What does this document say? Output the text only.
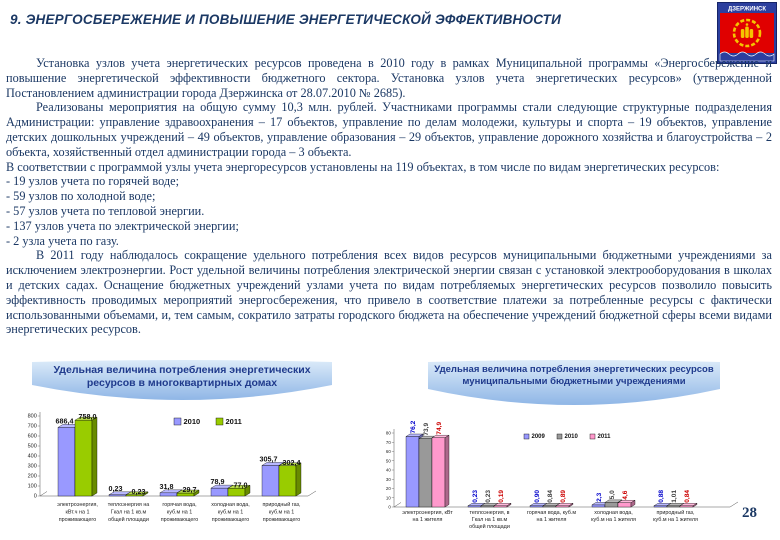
9. ЭНЕРГОСБЕРЕЖЕНИЕ И ПОВЫШЕНИЕ ЭНЕРГЕТИЧЕСКОЙ ЭФФЕКТИВНОСТИ
ДЗЕРЖИНСК

Установка узлов учета энергетических ресурсов проведена в 2010 году в рамках Муниципальной программы «Энергосбережение и повышение энергетической эффективности бюджетного сектора. Установка узлов учета энергетических ресурсов» (утвержденной Постановлением администрации города Дзержинска от 28.07.2010 № 2685).

Реализованы мероприятия на общую сумму 10,3 млн. рублей. Участниками программы стали следующие структурные подразделения Администрации: управление здравоохранения – 17 объектов, управление по делам молодежи, культуры и спорта – 19 объектов, управление детских дошкольных учреждений – 49 объектов, управление образования – 29 объектов, управление дорожного хозяйства и благоустройства – 2 объекта, хозяйственный отдел администрации города – 3 объекта.

В соответствии с программой узлы учета энергоресурсов установлены на 119 объектах, в том числе по видам энергетических ресурсов:

- 19 узлов учета по горячей воде;

- 59 узлов по холодной воде;

- 57 узлов учета по тепловой энергии.

- 137 узлов учета по электрической энергии;

- 2 узла учета по газу.

В 2011 году наблюдалось сокращение удельного потребления всех видов ресурсов муниципальными бюджетными учреждениями за исключением электроэнергии. Рост удельной величины потребления электрической энергии связан с установкой электрооборудования в школах и детских садах. Оснащение бюджетных учреждений узлами учета по видам потребляемых энергетических ресурсов позволило повысить эффективность проводимых мероприятий энергосбережения, что привело в соответствие платежи за потребленные ресурсы с фактически использованными объемами, и, тем самым, сократило затраты городского бюджета на обеспечение учреждений бюджетной сферы всеми видами энергетических ресурсов.

Удельная величина потребления энергетических ресурсов в многоквартирных домах
Удельная величина потребления энергетических ресурсов муниципальными бюджетными учреждениями
0
100
200
300
400
500
600
700
800	686,4 758,0
0,23 0,23
31,8 29,7
78,9 77,0
305,7 302,4
электроэнергия,
кВт.ч на 1
проживающего
теплоэнергия на
Гкал на 1 кв.м
общей площади
горячая вода,
куб.м на 1
проживающего
холодная вода,
куб.м на 1
проживающего
природный газ,
куб.м на 1
проживающего
2010	2011
0
10
20
30
40
50
60
70
80	76,2 73,9 74,9
0,23 0,23 0,19	0,90 0,84 0,89	2,3 5,0 4,6	0,88 1,01 0,84
электроэнергия, кВт
на 1 жителя
теплоэнергия, в
Гкал на 1 кв.м
общей площади
горячая вода, куб.м
на 1 жителя
холодная вода,
куб.м на 1 жителя
природный газ,
куб.м на 1 жителя
2009	2010	2011
28
